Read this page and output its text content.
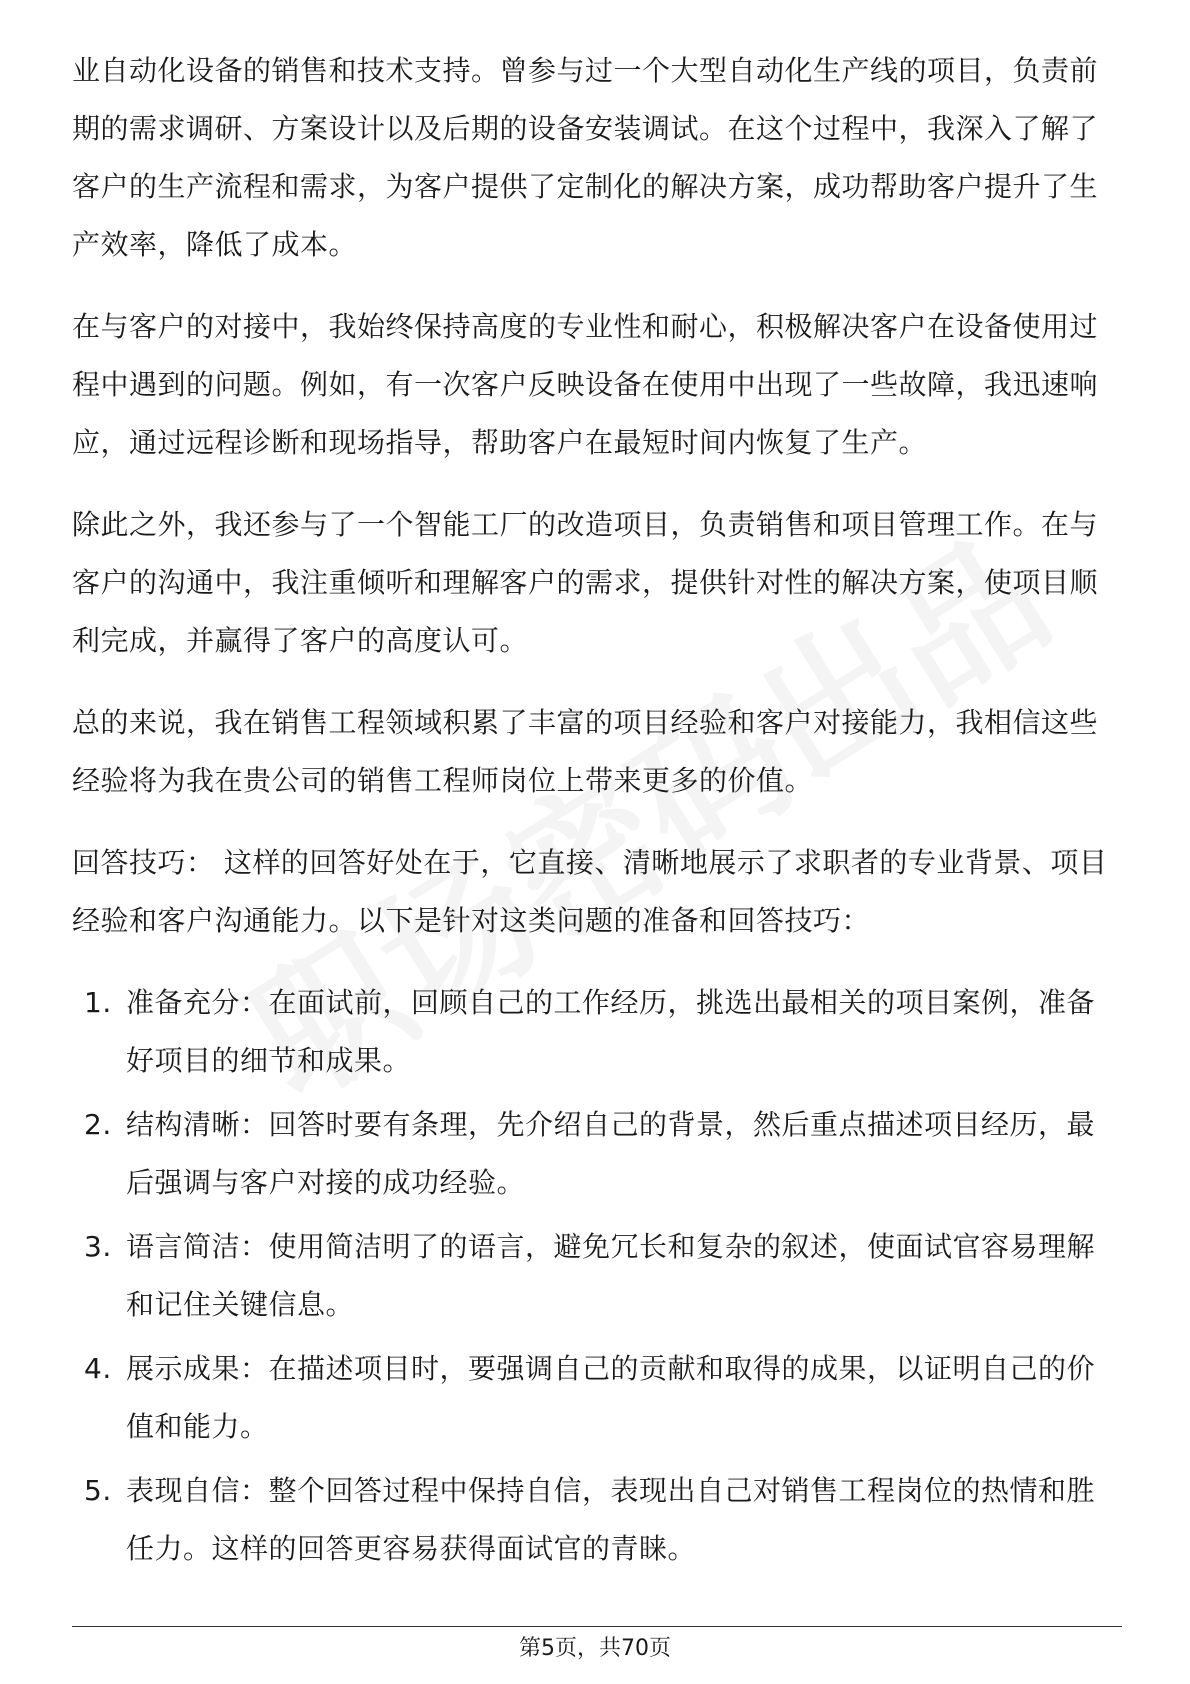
业自动化设备的销售和技术支持。曾参与过一个大型自动化生产线的项目，负责前期的需求调研、方案设计以及后期的设备安装调试。在这个过程中，我深入了解了客户的生产流程和需求，为客户提供了定制化的解决方案，成功帮助客户提升了生产效率，降低了成本。

在与客户的对接中，我始终保持高度的专业性和耐心，积极解决客户在设备使用过程中遇到的问题。例如，有一次客户反映设备在使用中出现了一些故障，我迅速响应，通过远程诊断和现场指导，帮助客户在最短时间内恢复了生产。

除此之外，我还参与了一个智能工厂的改造项目，负责销售和项目管理工作。在与客户的沟通中，我注重倾听和理解客户的需求，提供针对性的解决方案，使项目顺利完成，并赢得了客户的高度认可。

总的来说，我在销售工程领域积累了丰富的项目经验和客户对接能力，我相信这些经验将为我在贵公司的销售工程师岗位上带来更多的价值。

回答技巧： 这样的回答好处在于，它直接、清晰地展示了求职者的专业背景、项目经验和客户沟通能力。以下是针对这类问题的准备和回答技巧：

1. 准备充分：在面试前，回顾自己的工作经历，挑选出最相关的项目案例，准备好项目的细节和成果。
2. 结构清晰：回答时要有条理，先介绍自己的背景，然后重点描述项目经历，最后强调与客户对接的成功经验。
3. 语言简洁：使用简洁明了的语言，避免冗长和复杂的叙述，使面试官容易理解和记住关键信息。
4. 展示成果：在描述项目时，要强调自己的贡献和取得的成果，以证明自己的价值和能力。
5. 表现自信：整个回答过程中保持自信，表现出自己对销售工程岗位的热情和胜任力。这样的回答更容易获得面试官的青睐。
第5页，共70页
